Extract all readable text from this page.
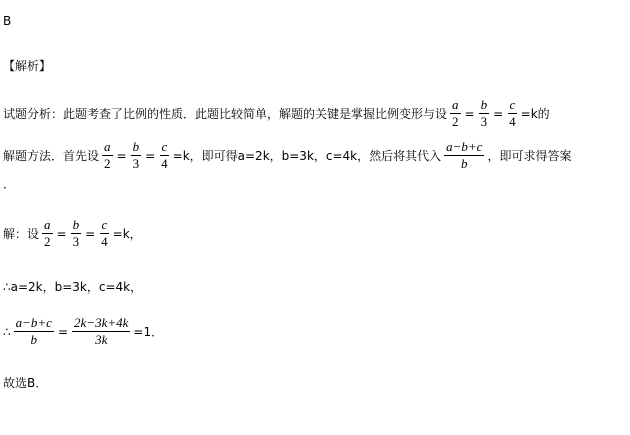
B
【解析】
试题分析： 此题考查了比例的性质．此题比较简单，解题的关键是掌握比例变形与设 $\frac{a}{2} = \frac{b}{3} = \frac{c}{4} =k$的
解题方法．首先设 $\frac{a}{2} = \frac{b}{3} = \frac{c}{4} =k$，即可得a=2k，b=3k，c=4k，然后将其代入 $\frac{a-b+c}{b}$ ，即可求得答案
．
解：设 $\frac{a}{2} = \frac{b}{3} = \frac{c}{4} =k$，
∴a=2k，b=3k，c=4k，
∴ $\frac{a-b+c}{b} = \frac{2k-3k+4k}{3k} =1$．
故选B．
